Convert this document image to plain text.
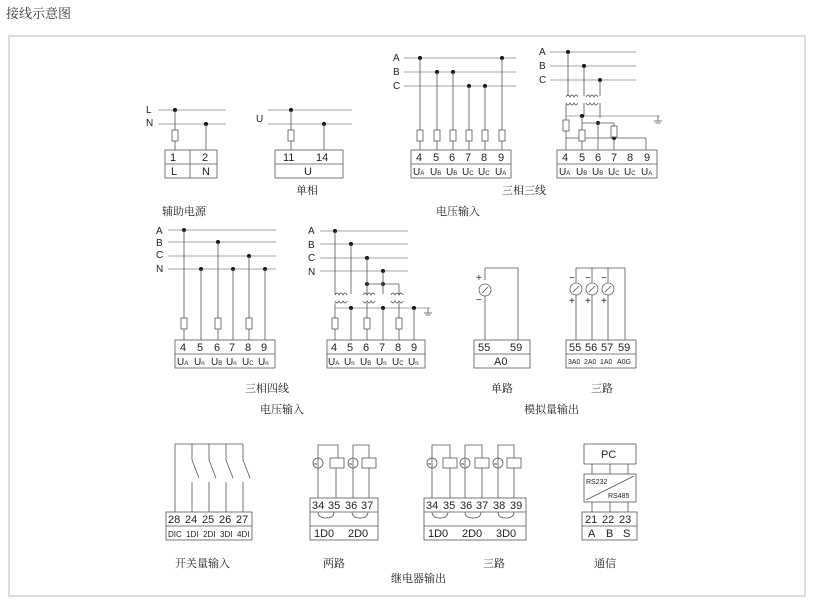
接线示意图
L
N
1 2
L N
辅助电源
U
11 14
U
单相
A
B
C
4 5 6 7 8 9
UA UB UB UC UC UA
三相三线
A
B
C
4 5 6 7 8 9
UA UB UB UC UC UA
电压输入
A
B
C
N
4 5 6 7 8 9
UA Un UB Un UC Un
A
B
C
N
4 5 6 7 8 9
UA Un UB Un UC Un
三相四线
电压输入
+
−
55 59
A0
单路
− − −
+ + +
55 56 57 59
3A0 2A0 1A0 A0G
三路
模拟量输出
28 24 25 26 27
DIC 1DI 2DI 3DI 4DI
开关量输入
≈	≈
34 35 36 37
1D0 2D0
两路
≈	≈	≈
34 35 36 37 38 39
1D0 2D0 3D0
三路
继电器输出
PC
RS232
RS485
21 22 23
A B S
通信
